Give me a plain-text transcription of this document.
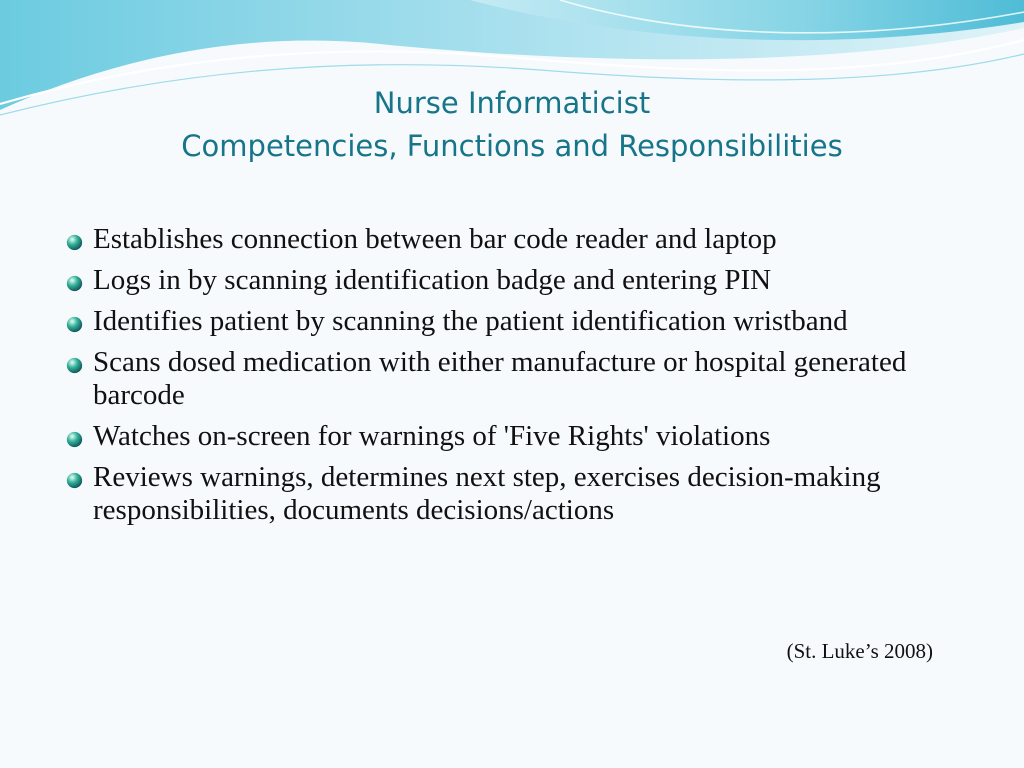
Nurse Informaticist
Competencies, Functions and Responsibilities
Establishes connection between bar code reader and laptop
Logs in by scanning identification badge and entering PIN
Identifies patient by scanning the patient identification wristband
Scans dosed medication with either manufacture or hospital generated barcode
Watches on-screen for warnings of 'Five Rights' violations
Reviews warnings, determines next step, exercises decision-making responsibilities, documents decisions/actions
(St. Luke’s 2008)
